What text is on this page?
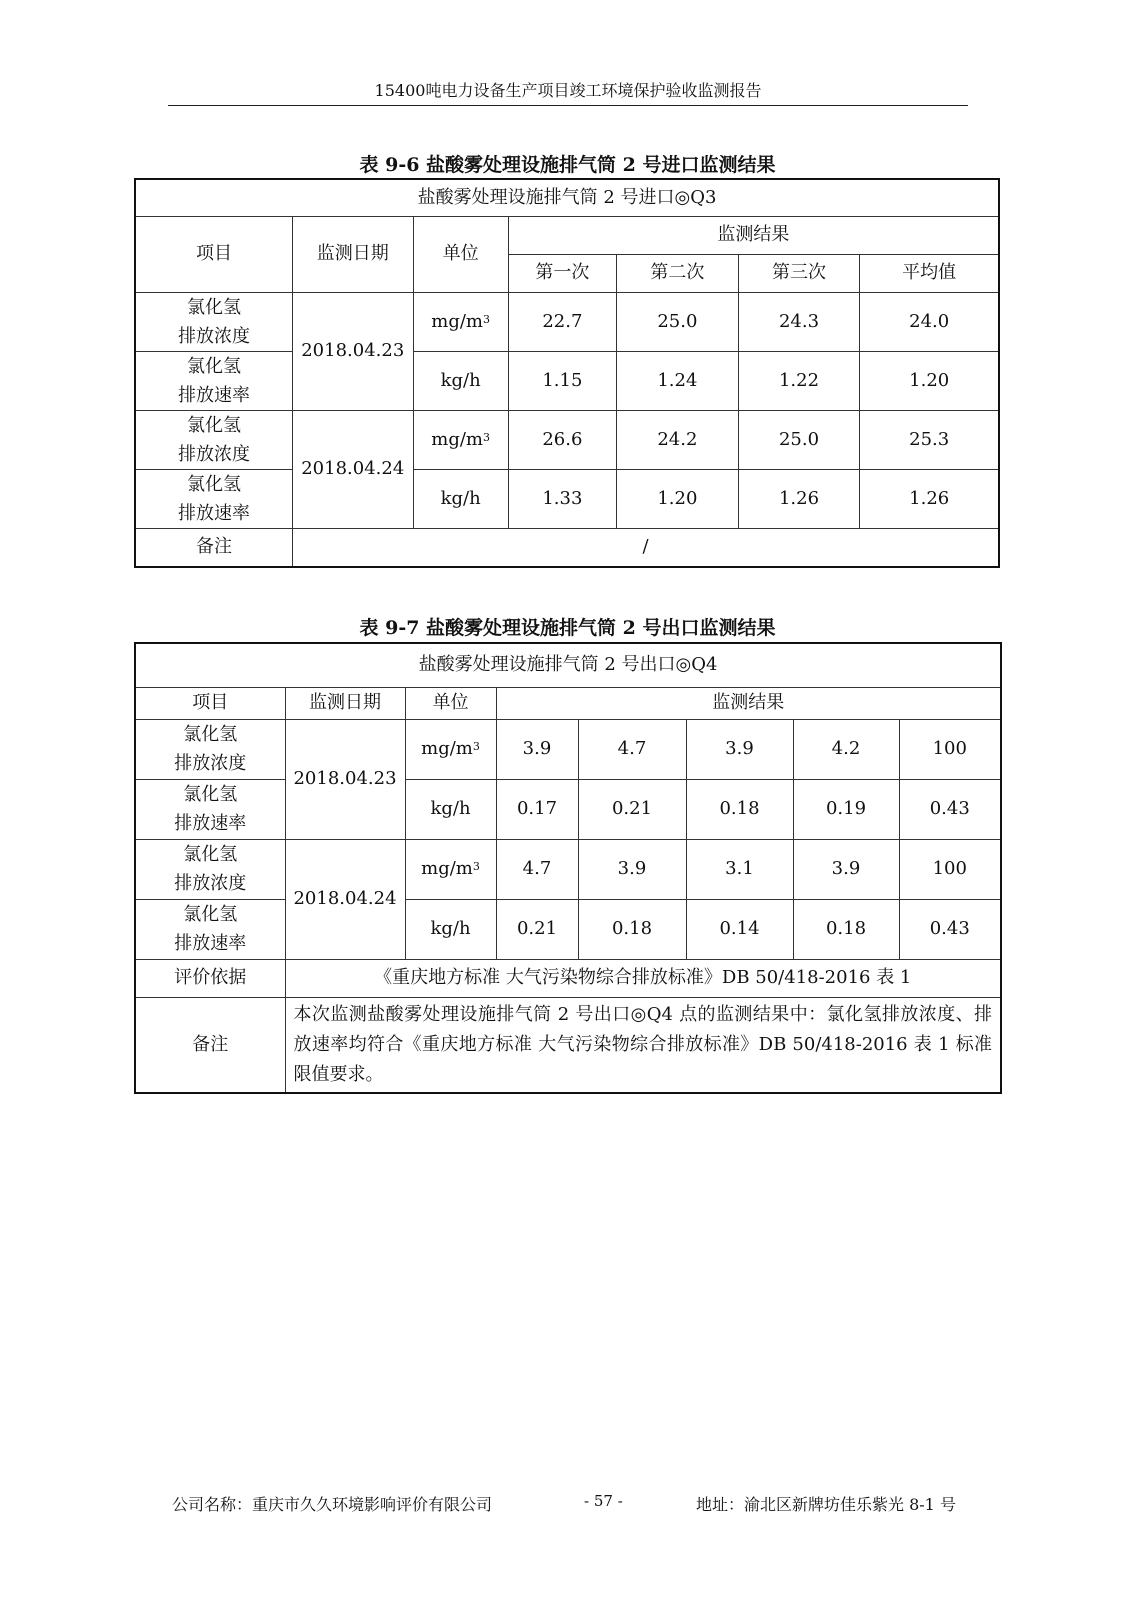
15400吨电力设备生产项目竣工环境保护验收监测报告
表 9-6 盐酸雾处理设施排气筒 2 号进口监测结果
盐酸雾处理设施排气筒 2 号进口◎Q3						
项目	监测日期	单位	监测结果			
			第一次	第二次	第三次	平均值
氯化氢
排放浓度	2018.04.23	$mg/m^3$	22.7	25.0	24.3	24.0
氯化氢
排放速率		kg/h	1.15	1.24	1.22	1.20
氯化氢
排放浓度	2018.04.24	$mg/m^3$	26.6	24.2	25.0	25.3
氯化氢
排放速率		kg/h	1.33	1.20	1.26	1.26
备注	/					
表 9-7 盐酸雾处理设施排气筒 2 号出口监测结果
盐酸雾处理设施排气筒 2 号出口◎Q4							
项目	监测日期	单位	监测结果				
氯化氢
排放浓度	2018.04.23	$mg/m^3$	3.9	4.7	3.9	4.2	100
氯化氢
排放速率		kg/h	0.17	0.21	0.18	0.19	0.43
氯化氢
排放浓度	2018.04.24	$mg/m^3$	4.7	3.9	3.1	3.9	100
氯化氢
排放速率		kg/h	0.21	0.18	0.14	0.18	0.43
评价依据	《重庆地方标准 大气污染物综合排放标准》DB 50/418-2016 表 1						
备注	本次监测盐酸雾处理设施排气筒 2 号出口◎Q4 点的监测结果中：氯化氢排放浓度、排放速率均符合《重庆地方标准 大气污染物综合排放标准》DB 50/418-2016 表 1 标准限值要求。						
公司名称：重庆市久久环境影响评价有限公司	- 57 -	地址：渝北区新牌坊佳乐紫光 8-1 号
